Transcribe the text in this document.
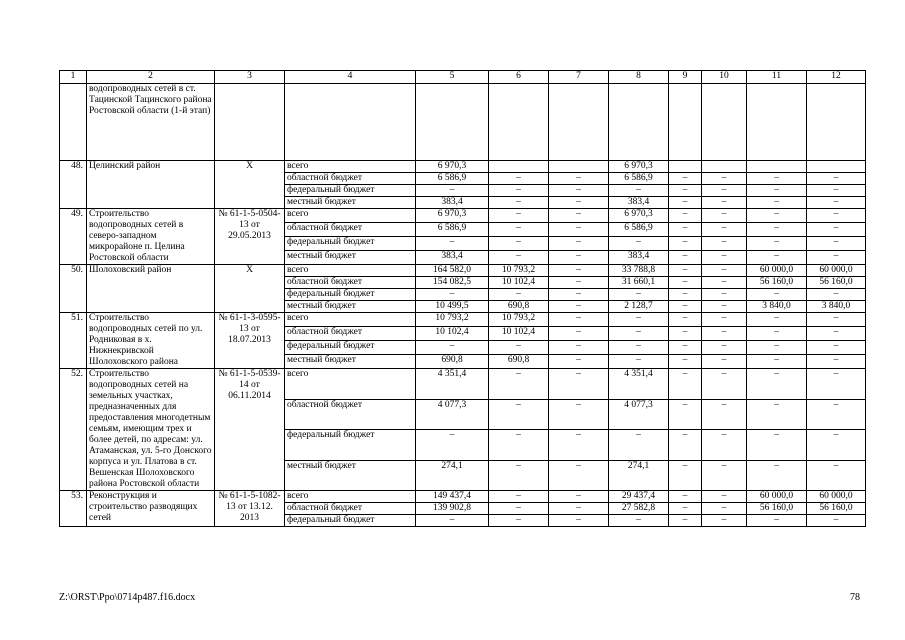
1	2	3	4	5	6	7	8	9	10	11	12
	водопроводных сетей в ст. Тацинской Тацинского района Ростовской области (1-й этап)										
48.	Целинский район	Х	всего	6 970,3			6 970,3				
			областной бюджет	6 586,9	–	–	6 586,9	–	–	–	–
			федеральный бюджет	–	–	–	–	–	–	–	–
			местный бюджет	383,4	–	–	383,4	–	–	–	–
49.	Строительство водопроводных сетей в северо-западном микрорайоне п. Целина Ростовской области	№ 61-1-5-0504-13 от 29.05.2013	всего	6 970,3	–	–	6 970,3	–	–	–	–
			областной бюджет	6 586,9	–	–	6 586,9	–	–	–	–
			федеральный бюджет	–	–	–	–	–	–	–	–
			местный бюджет	383,4	–	–	383,4	–	–	–	–
50.	Шолоховский район	Х	всего	164 582,0	10 793,2	–	33 788,8	–	–	60 000,0	60 000,0
			областной бюджет	154 082,5	10 102,4	–	31 660,1	–	–	56 160,0	56 160,0
			федеральный бюджет	–	–	–	–	–	–	–	–
			местный бюджет	10 499,5	690,8	–	2 128,7	–	–	3 840,0	3 840,0
51.	Строительство водопроводных сетей по ул. Родниковая в х. Нижнекривской Шолоховского района	№ 61-1-3-0595-13 от 18.07.2013	всего	10 793,2	10 793,2	–	–	–	–	–	–
			областной бюджет	10 102,4	10 102,4	–	–	–	–	–	–
			федеральный бюджет	–	–	–	–	–	–	–	–
			местный бюджет	690,8	690,8	–	–	–	–	–	–
52.	Строительство водопроводных сетей на земельных участках, предназначенных для предоставления многодетным семьям, имеющим трех и более детей, по адресам: ул. Атаманская, ул. 5-го Донского корпуса и ул. Платова в ст. Вешенская Шолоховского района Ростовской области	№ 61-1-5-0539-14 от 06.11.2014	всего	4 351,4	–	–	4 351,4	–	–	–	–
			областной бюджет	4 077,3	–	–	4 077,3	–	–	–	–
			федеральный бюджет	–	–	–	–	–	–	–	–
			местный бюджет	274,1	–	–	274,1	–	–	–	–
53.	Реконструкция и строительство разводящих сетей	№ 61-1-5-1082-13 от 13.12. 2013	всего	149 437,4	–	–	29 437,4	–	–	60 000,0	60 000,0
			областной бюджет	139 902,8	–	–	27 582,8	–	–	56 160,0	56 160,0
			федеральный бюджет	–	–	–	–	–	–	–	–
Z:\ORST\Ppo\0714p487.f16.docx	78
